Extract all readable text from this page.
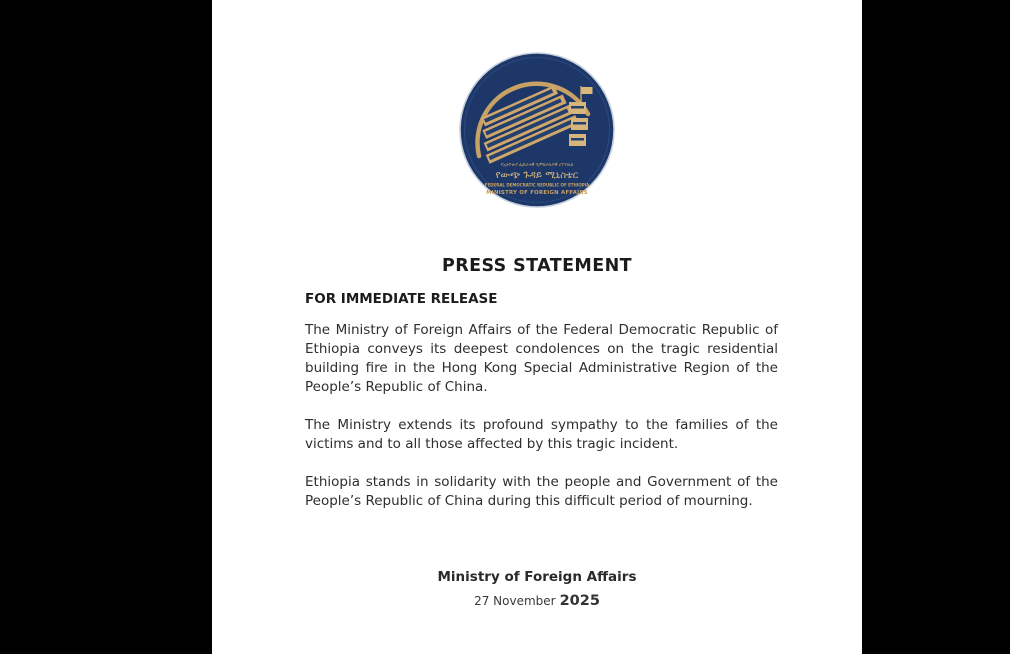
የኢትዮጵያ ፌዴራላዊ ዲሞክራሲያዊ ሪፐብሊክ
የውጭ ጉዳይ ሚኒስቴር
FEDERAL DEMOCRATIC REPUBLIC OF ETHIOPIA
MINISTRY OF FOREIGN AFFAIRS
PRESS STATEMENT
FOR IMMEDIATE RELEASE

The Ministry of Foreign Affairs of the Federal Democratic Republic of Ethiopia conveys its deepest condolences on the tragic residential building fire in the Hong Kong Special Administrative Region of the People’s Republic of China.

The Ministry extends its profound sympathy to the families of the victims and to all those affected by this tragic incident.

Ethiopia stands in solidarity with the people and Government of the People’s Republic of China during this difficult period of mourning.

Ministry of Foreign Affairs
27 November 2025
